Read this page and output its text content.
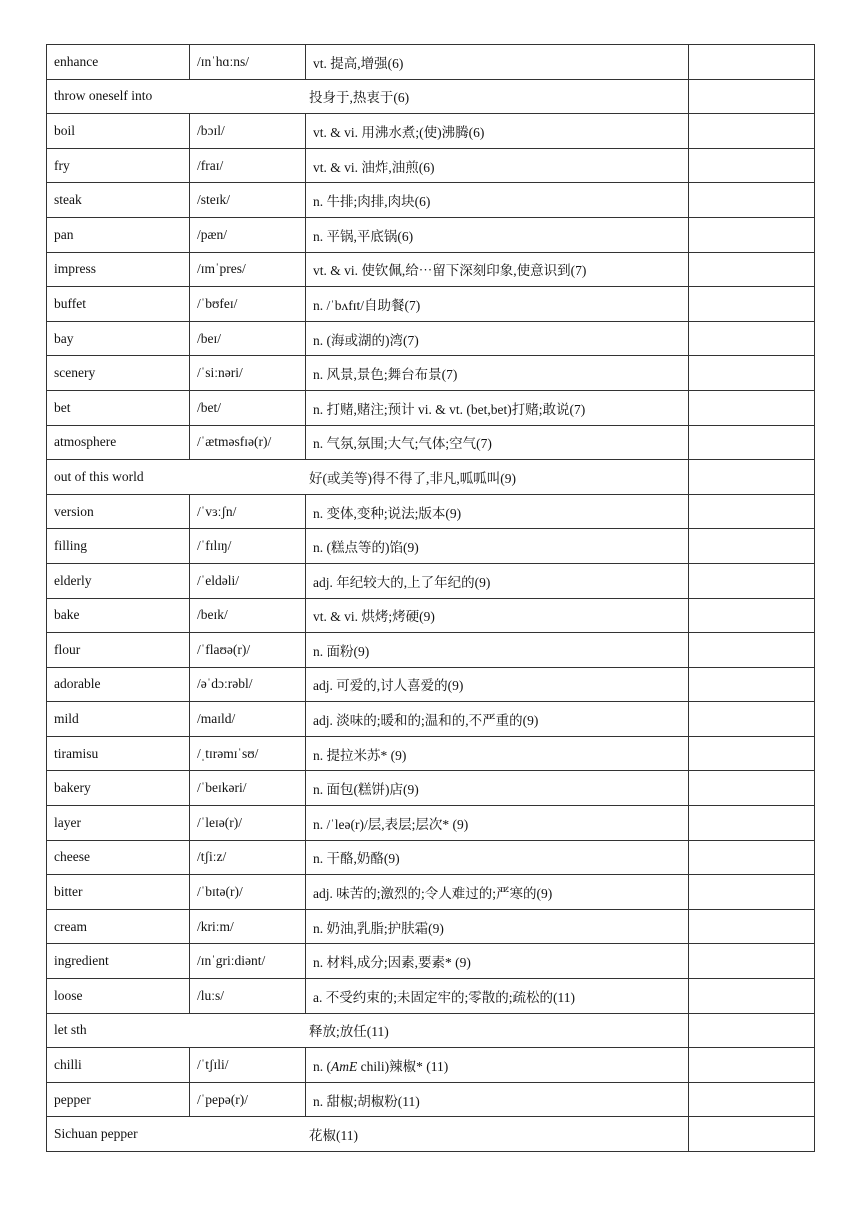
enhance	/ɪnˈhɑːns/	vt. 提高,增强(6)	

throw oneself into 投身于,热衷于(6)			

boil	/bɔɪl/	vt. & vi. 用沸水煮;(使)沸腾(6)	
fry	/fraɪ/	vt. & vi. 油炸,油煎(6)	
steak	/steɪk/	n. 牛排;肉排,肉块(6)	
pan	/pæn/	n. 平锅,平底锅(6)	
impress	/ɪmˈpres/	vt. & vi. 使钦佩,给⋯留下深刻印象,使意识到(7)	
buffet	/ˈbʊfeɪ/	n. /ˈbʌfɪt/自助餐(7)	
bay	/beɪ/	n. (海或湖的)湾(7)	
scenery	/ˈsiːnəri/	n. 风景,景色;舞台布景(7)	
bet	/bet/	n. 打赌,赌注;预计 vi. & vt. (bet,bet)打赌;敢说(7)	
atmosphere	/ˈætməsfɪə(r)/	n. 气氛,氛围;大气;气体;空气(7)	

out of this world 好(或美等)得不得了,非凡,呱呱叫(9)			

version	/ˈvɜːʃn/	n. 变体,变种;说法;版本(9)	
filling	/ˈfɪlɪŋ/	n. (糕点等的)馅(9)	
elderly	/ˈeldəli/	adj. 年纪较大的,上了年纪的(9)	
bake	/beɪk/	vt. & vi. 烘烤;烤硬(9)	
flour	/ˈflaʊə(r)/	n. 面粉(9)	
adorable	/əˈdɔːrəbl/	adj. 可爱的,讨人喜爱的(9)	
mild	/maɪld/	adj. 淡味的;暖和的;温和的,不严重的(9)	
tiramisu	/ˌtɪrəmɪˈsʊ/	n. 提拉米苏* (9)	
bakery	/ˈbeɪkəri/	n. 面包(糕饼)店(9)	
layer	/ˈleɪə(r)/	n. /ˈleə(r)/层,表层;层次* (9)	
cheese	/tʃiːz/	n. 干酪,奶酪(9)	
bitter	/ˈbɪtə(r)/	adj. 味苦的;激烈的;令人难过的;严寒的(9)	
cream	/kriːm/	n. 奶油,乳脂;护肤霜(9)	
ingredient	/ɪnˈgriːdiənt/	n. 材料,成分;因素,要素* (9)	
loose	/luːs/	a. 不受约束的;未固定牢的;零散的;疏松的(11)	

let sth 释放;放任(11)			

chilli	/ˈtʃɪli/	n. (AmE chili)辣椒* (11)	
pepper	/ˈpepə(r)/	n. 甜椒;胡椒粉(11)	

Sichuan pepper 花椒(11)			
